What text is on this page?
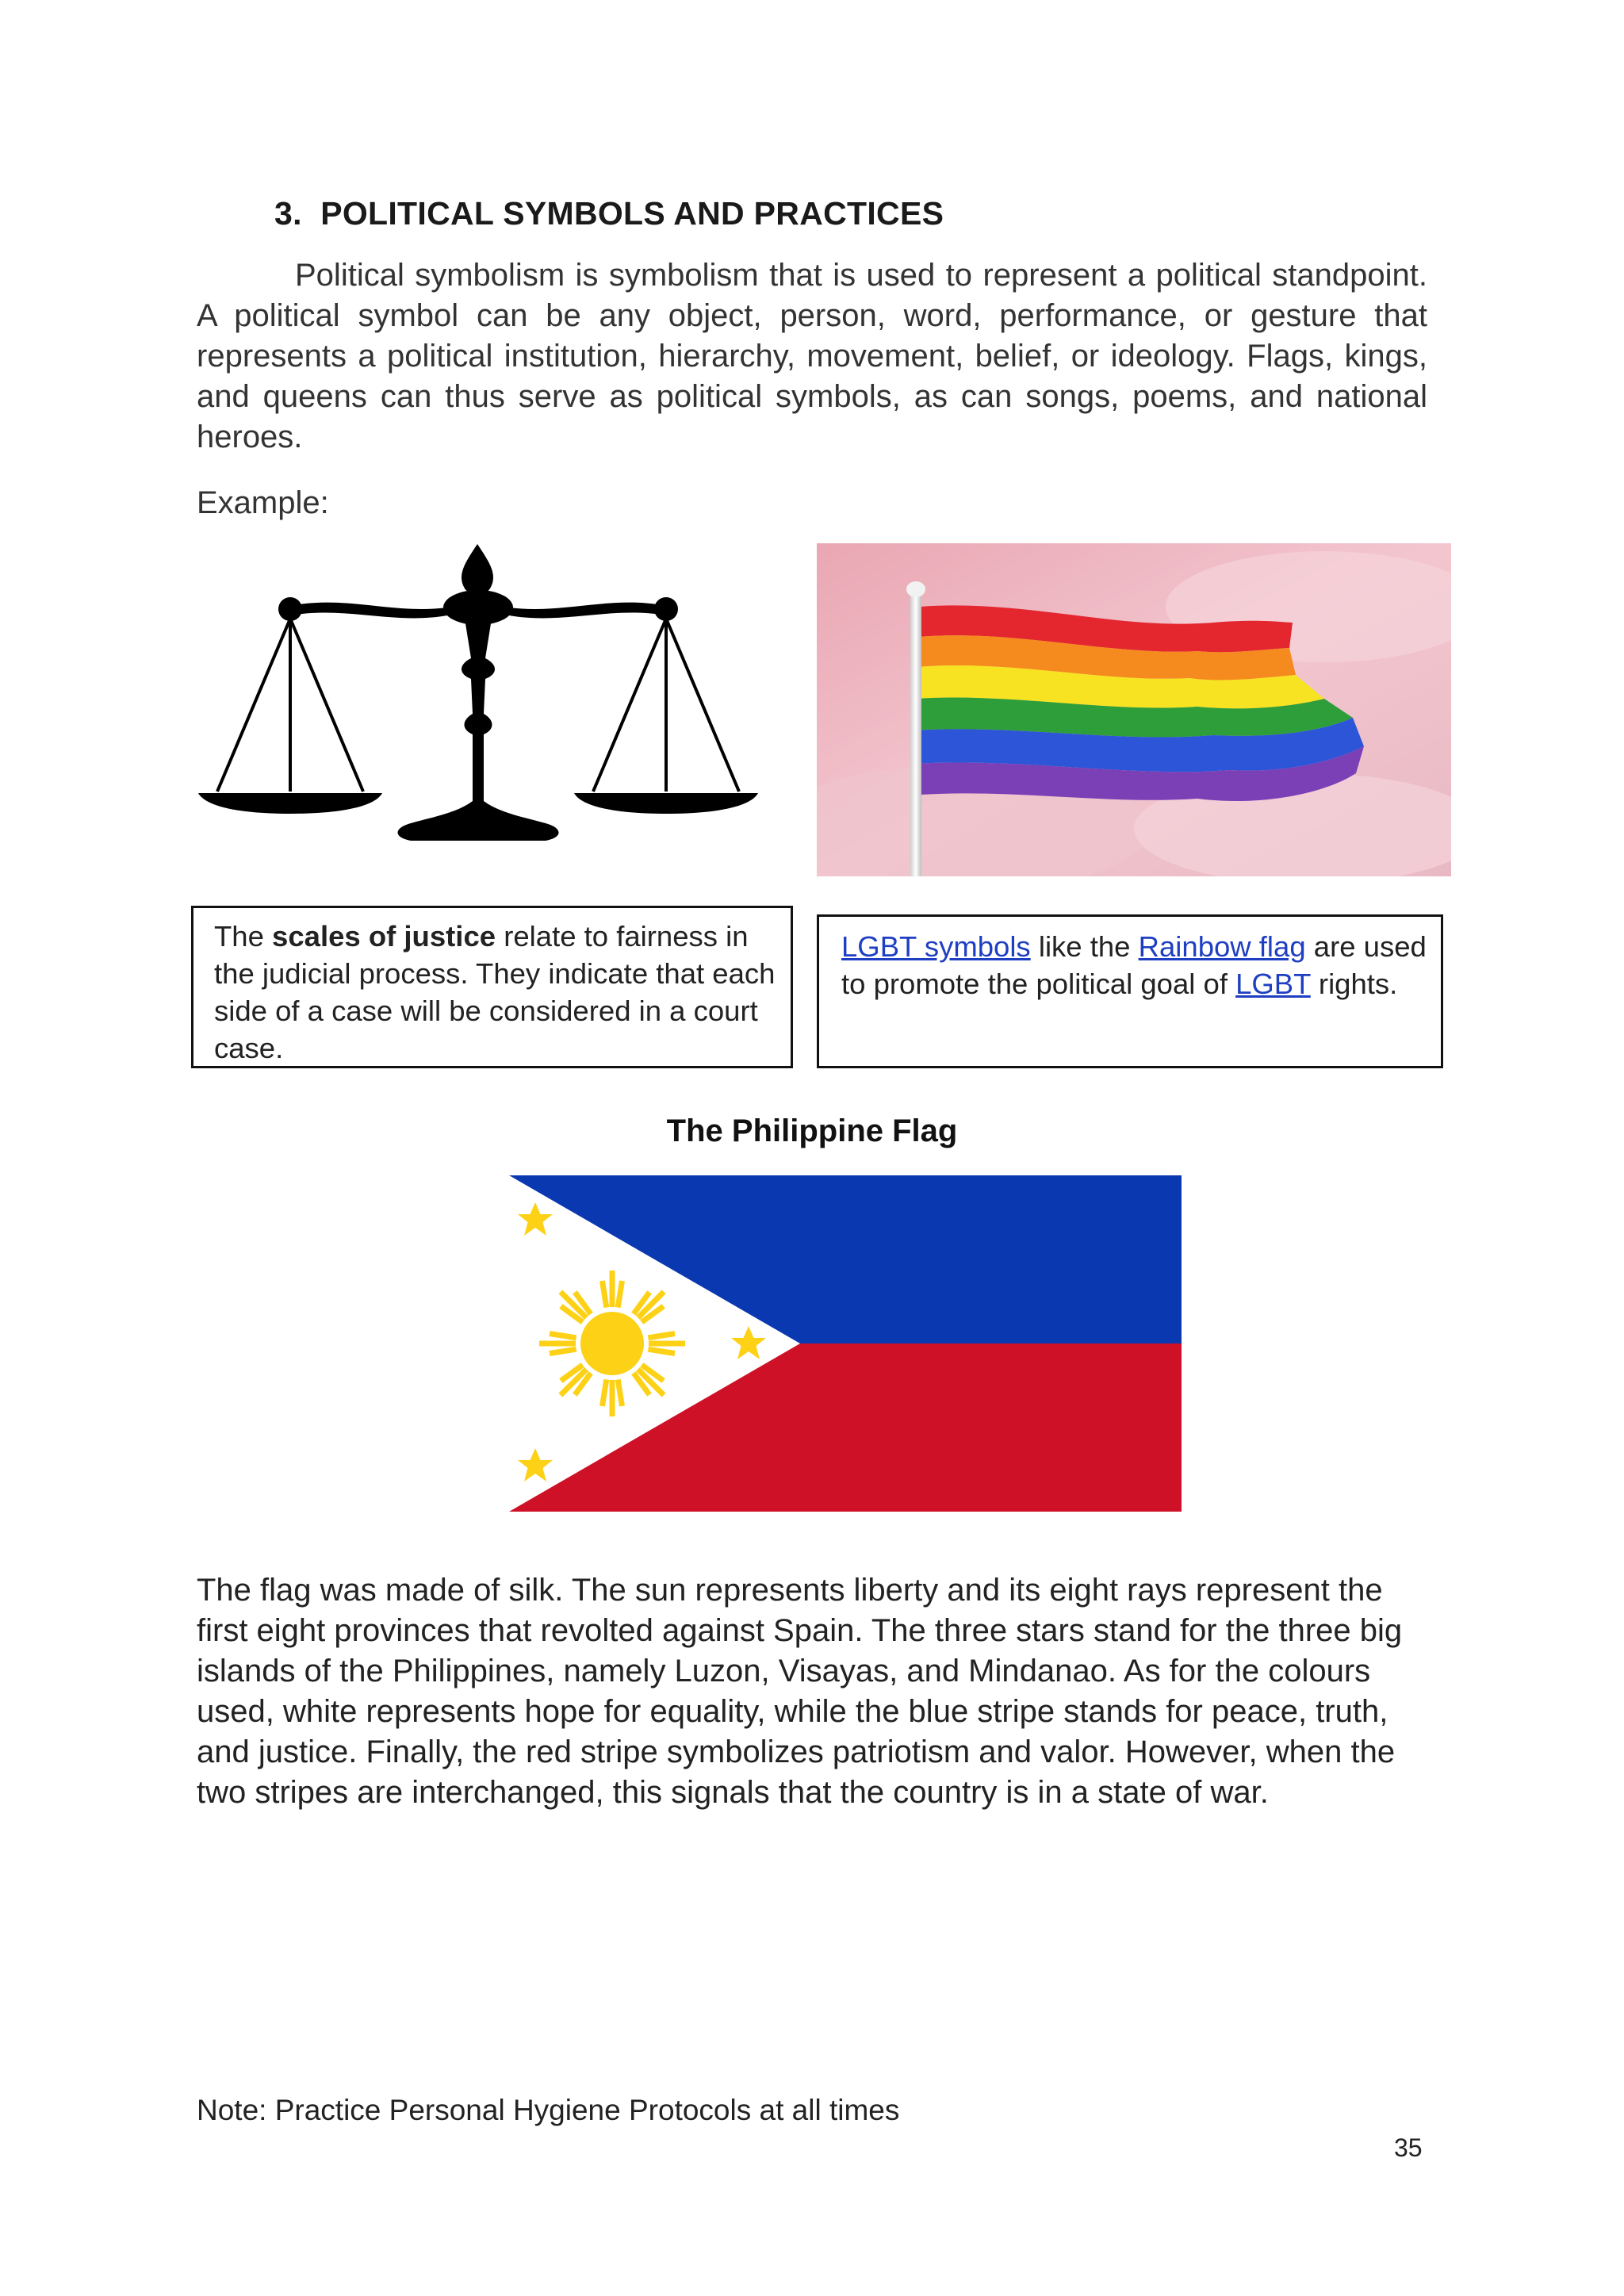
3. POLITICAL SYMBOLS AND PRACTICES

Political symbolism is symbolism that is used to represent a political standpoint. A political symbol can be any object, person, word, performance, or gesture that represents a political institution, hierarchy, movement, belief, or ideology. Flags, kings, and queens can thus serve as political symbols, as can songs, poems, and national heroes.

Example:
The scales of justice relate to fairness in the judicial process. They indicate that each side of a case will be considered in a court case.
LGBT symbols like the Rainbow flag are used to promote the political goal of LGBT rights.
The Philippine Flag

The flag was made of silk. The sun represents liberty and its eight rays represent the first eight provinces that revolted against Spain. The three stars stand for the three big islands of the Philippines, namely Luzon, Visayas, and Mindanao. As for the colours used, white represents hope for equality, while the blue stripe stands for peace, truth, and justice. Finally, the red stripe symbolizes patriotism and valor. However, when the two stripes are interchanged, this signals that the country is in a state of war.

Note: Practice Personal Hygiene Protocols at all times
35
